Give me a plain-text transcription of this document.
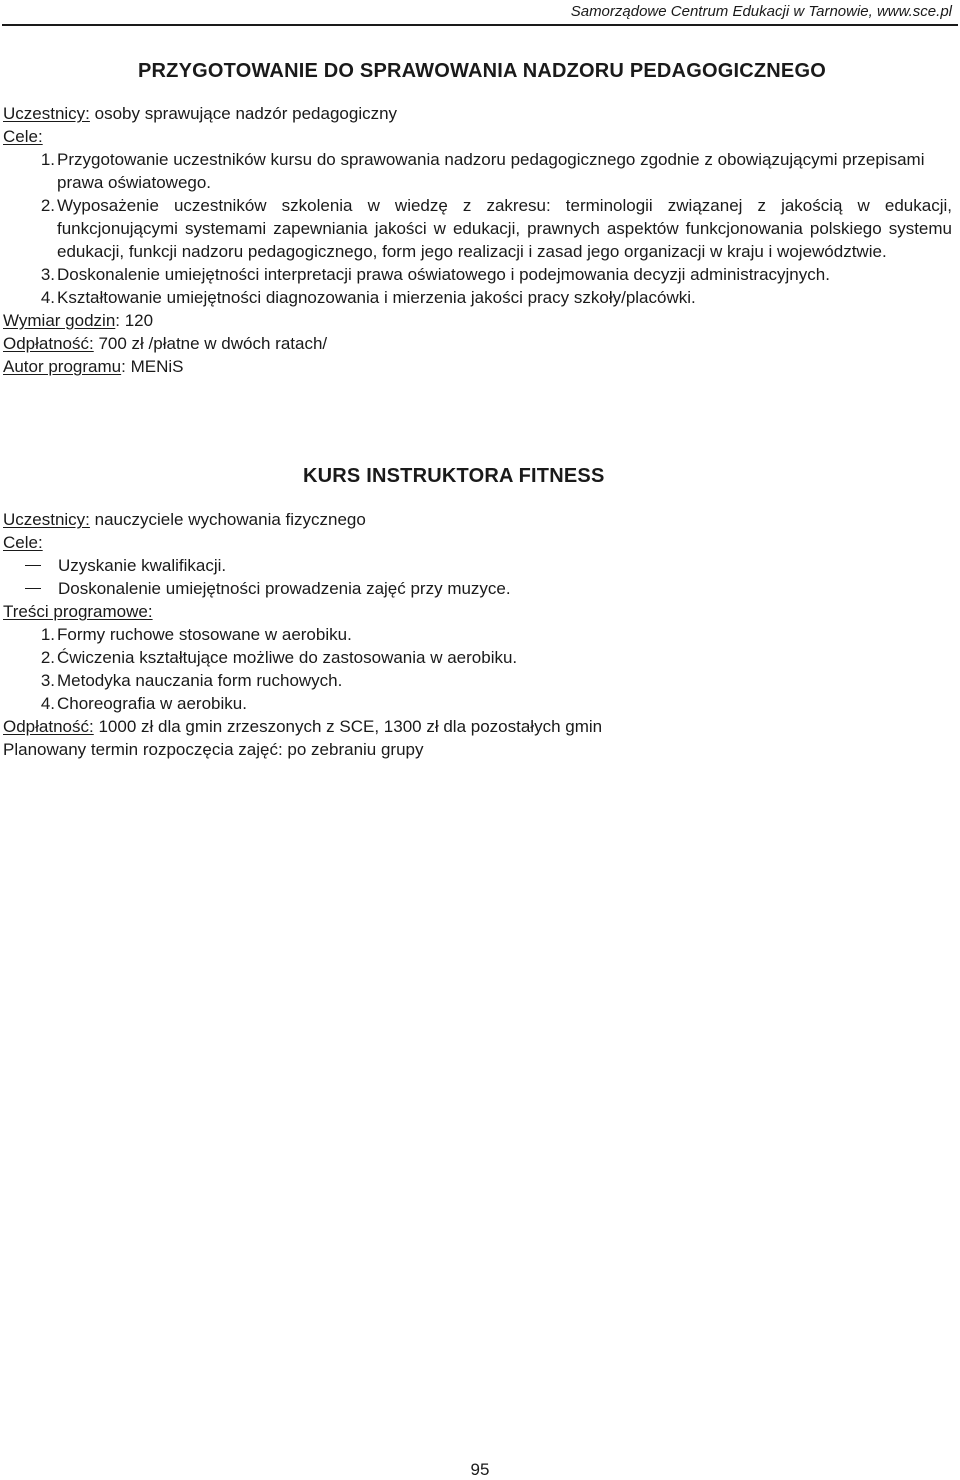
Samorządowe Centrum Edukacji w Tarnowie, www.sce.pl
PRZYGOTOWANIE DO SPRAWOWANIA NADZORU PEDAGOGICZNEGO
Uczestnicy: osoby sprawujące nadzór pedagogiczny
Cele:
1. Przygotowanie uczestników kursu do sprawowania nadzoru pedagogicznego zgodnie z obowiązującymi przepisami prawa oświatowego.
2. Wyposażenie uczestników szkolenia w wiedzę z zakresu: terminologii związanej z jakością w edukacji, funkcjonującymi systemami zapewniania jakości w edukacji, prawnych aspektów funkcjonowania polskiego systemu edukacji, funkcji nadzoru pedagogicznego, form jego realizacji i zasad jego organizacji w kraju i województwie.
3. Doskonalenie umiejętności interpretacji prawa oświatowego i podejmowania decyzji administracyjnych.
4. Kształtowanie umiejętności diagnozowania i mierzenia jakości pracy szkoły/placówki.
Wymiar godzin: 120
Odpłatność: 700 zł /płatne w dwóch ratach/
Autor programu: MENiS
KURS INSTRUKTORA FITNESS
Uczestnicy: nauczyciele wychowania fizycznego
Cele:
Uzyskanie kwalifikacji.
Doskonalenie umiejętności prowadzenia zajęć przy muzyce.
Treści programowe:
1. Formy ruchowe stosowane w aerobiku.
2. Ćwiczenia kształtujące możliwe do zastosowania w aerobiku.
3. Metodyka nauczania form ruchowych.
4. Choreografia w aerobiku.
Odpłatność: 1000 zł dla gmin zrzeszonych z SCE, 1300 zł dla pozostałych gmin
Planowany termin rozpoczęcia zajęć: po zebraniu grupy
95
